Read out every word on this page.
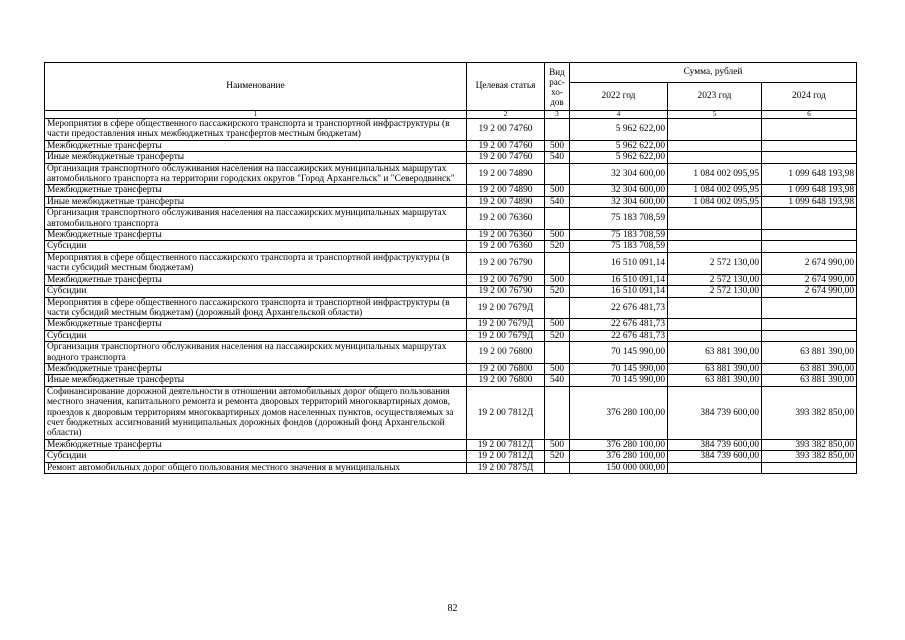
Наименование	Целевая статья	Вид рас-хо-дов	Сумма, рублей		
			2022 год	2023 год	2024 год
1	2	3	4	5	6
Мероприятия в сфере общественного пассажирского транспорта и транспортной инфраструктуры (в части предоставления иных межбюджетных трансфертов местным бюджетам)	19 2 00 74760		5 962 622,00		
Межбюджетные трансферты	19 2 00 74760	500	5 962 622,00		
Иные межбюджетные трансферты	19 2 00 74760	540	5 962 622,00		
Организация транспортного обслуживания населения на пассажирских муниципальных маршрутах автомобильного транспорта на территории городских округов "Город Архангельск" и "Северодвинск"	19 2 00 74890		32 304 600,00	1 084 002 095,95	1 099 648 193,98
Межбюджетные трансферты	19 2 00 74890	500	32 304 600,00	1 084 002 095,95	1 099 648 193,98
Иные межбюджетные трансферты	19 2 00 74890	540	32 304 600,00	1 084 002 095,95	1 099 648 193,98
Организация транспортного обслуживания населения на пассажирских муниципальных маршрутах автомобильного транспорта	19 2 00 76360		75 183 708,59		
Межбюджетные трансферты	19 2 00 76360	500	75 183 708,59		
Субсидии	19 2 00 76360	520	75 183 708,59		
Мероприятия в сфере общественного пассажирского транспорта и транспортной инфраструктуры (в части субсидий местным бюджетам)	19 2 00 76790		16 510 091,14	2 572 130,00	2 674 990,00
Межбюджетные трансферты	19 2 00 76790	500	16 510 091,14	2 572 130,00	2 674 990,00
Субсидии	19 2 00 76790	520	16 510 091,14	2 572 130,00	2 674 990,00
Мероприятия в сфере общественного пассажирского транспорта и транспортной инфраструктуры (в части субсидий местным бюджетам) (дорожный фонд Архангельской области)	19 2 00 7679Д		22 676 481,73		
Межбюджетные трансферты	19 2 00 7679Д	500	22 676 481,73		
Субсидии	19 2 00 7679Д	520	22 676 481,73		
Организация транспортного обслуживания населения на пассажирских муниципальных маршрутах водного транспорта	19 2 00 76800		70 145 990,00	63 881 390,00	63 881 390,00
Межбюджетные трансферты	19 2 00 76800	500	70 145 990,00	63 881 390,00	63 881 390,00
Иные межбюджетные трансферты	19 2 00 76800	540	70 145 990,00	63 881 390,00	63 881 390,00
Софинансирование дорожной деятельности в отношении автомобильных дорог общего пользования местного значения, капитального ремонта и ремонта дворовых территорий многоквартирных домов, проездов к дворовым территориям многоквартирных домов населенных пунктов, осуществляемых за счет бюджетных ассигнований муниципальных дорожных фондов (дорожный фонд Архангельской области)	19 2 00 7812Д		376 280 100,00	384 739 600,00	393 382 850,00
Межбюджетные трансферты	19 2 00 7812Д	500	376 280 100,00	384 739 600,00	393 382 850,00
Субсидии	19 2 00 7812Д	520	376 280 100,00	384 739 600,00	393 382 850,00
Ремонт автомобильных дорог общего пользования местного значения в муниципальных	19 2 00 7875Д		150 000 000,00		
82
